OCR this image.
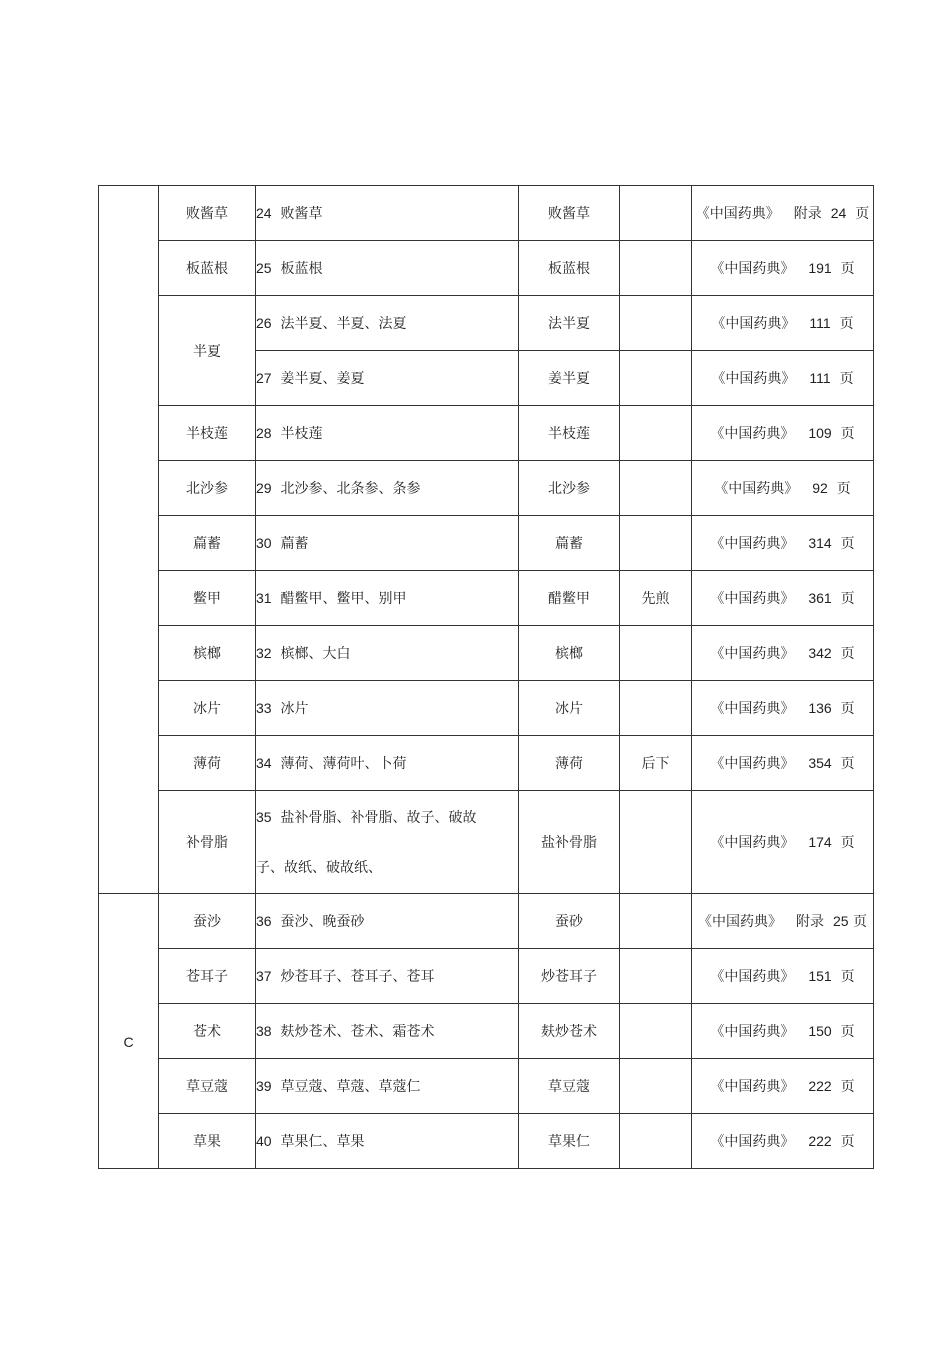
	败酱草	24 败酱草	败酱草		《中国药典》 附录 24 页
	板蓝根	25 板蓝根	板蓝根		《中国药典》 191 页
	半夏	26 法半夏、半夏、法夏	法半夏		《中国药典》 111 页

		27 姜半夏、姜夏	姜半夏		《中国药典》 111 页
	半枝莲	28 半枝莲	半枝莲		《中国药典》 109 页
	北沙参	29 北沙参、北条参、条参	北沙参		《中国药典》 92 页
	萹蓄	30 萹蓄	萹蓄		《中国药典》 314 页
	鳖甲	31 醋鳖甲、鳖甲、别甲	醋鳖甲	先煎	《中国药典》 361 页
	槟榔	32 槟榔、大白	槟榔		《中国药典》 342 页
	冰片	33 冰片	冰片		《中国药典》 136 页
	薄荷	34 薄荷、薄荷叶、卜荷	薄荷	后下	《中国药典》 354 页
	补骨脂	35 盐补骨脂、补骨脂、故子、破故
子、故纸、破故纸、	盐补骨脂		《中国药典》 174 页

C	蚕沙	36 蚕沙、晚蚕砂	蚕砂		《中国药典》 附录 25 页
	苍耳子	37 炒苍耳子、苍耳子、苍耳	炒苍耳子		《中国药典》 151 页
	苍术	38 麸炒苍术、苍术、霜苍术	麸炒苍术		《中国药典》 150 页
	草豆蔻	39 草豆蔻、草蔻、草蔻仁	草豆蔻		《中国药典》 222 页
	草果	40 草果仁、草果	草果仁		《中国药典》 222 页
